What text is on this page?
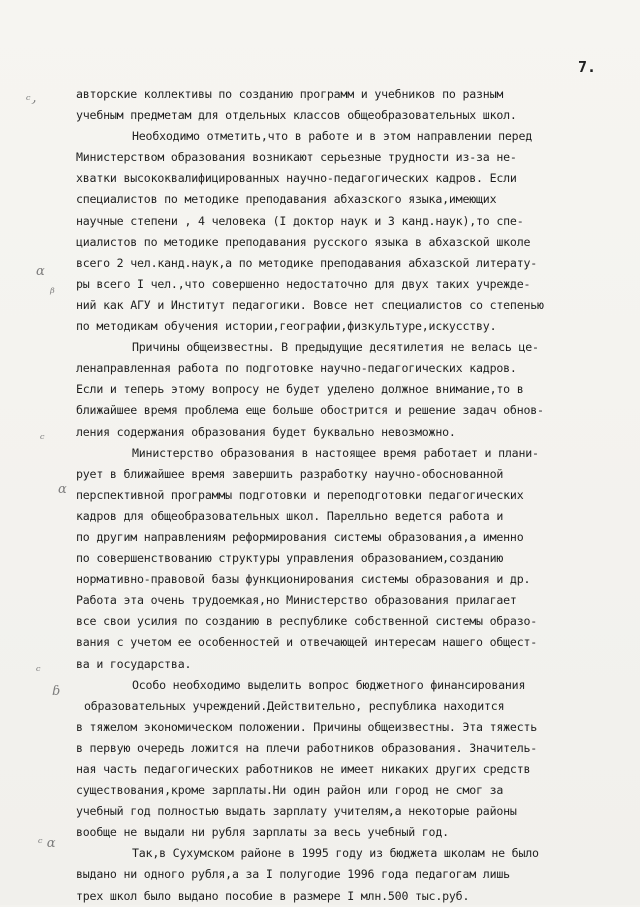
7.
ᶜ᎖
ɑ
ᵦ
ᶜ
ɑ
ᶜ
ɓ
ᶜ ɑ
авторские коллективы по созданию программ и учебников по разным
учебным предметам для отдельных классов общеобразовательных школ.
Необходимо отметить,что в работе и в этом направлении перед
Министерством образования возникают серьезные трудности из-за не-
хватки высококвалифицированных научно-педагогических кадров. Если
специалистов по методике преподавания абхазского языка,имеющих
научные степени , 4 человека (I доктор наук и 3 канд.наук),то спе-
циалистов по методике преподавания русского языка в абхазской школе
всего 2 чел.канд.наук,а по методике преподавания абхазской литерату-
ры всего I чел.,что совершенно недостаточно для двух таких учрежде-
ний как АГУ и Институт педагогики. Вовсе нет специалистов со степенью
по методикам обучения истории,географии,физкультуре,искусству.
Причины общеизвестны. В предыдущие десятилетия не велась це-
ленаправленная работа по подготовке научно-педагогических кадров.
Если и теперь этому вопросу не будет уделено должное внимание,то в
ближайшее время проблема еще больше обострится и решение задач обнов-
ления содержания образования будет буквально невозможно.
Министерство образования в настоящее время работает и плани-
рует в ближайшее время завершить разработку научно-обоснованной
перспективной программы подготовки и переподготовки педагогических
кадров для общеобразовательных школ. Парелльно ведется работа и
по другим направлениям реформирования системы образования,а именно
по совершенствованию структуры управления образованием,созданию
нормативно-правовой базы функционирования системы образования и др.
Работа эта очень трудоемкая,но Министерство образования прилагает
все свои усилия по созданию в республике собственной системы образо-
вания с учетом ее особенностей и отвечающей интересам нашего общест-
ва и государства.
Особо необходимо выделить вопрос бюджетного финансирования
образовательных учреждений.Действительно, республика находится
в тяжелом экономическом положении. Причины общеизвестны. Эта тяжесть
в первую очередь ложится на плечи работников образования. Значитель-
ная часть педагогических работников не имеет никаких других средств
существования,кроме зарплаты.Ни один район или город не смог за
учебный год полностью выдать зарплату учителям,а некоторые районы
вообще не выдали ни рубля зарплаты за весь учебный год.
Так,в Сухумском районе в 1995 году из бюджета школам не было
выдано ни одного рубля,а за I полугодие 1996 года педагогам лишь
трех школ было выдано пособие в размере I млн.500 тыс.руб.
